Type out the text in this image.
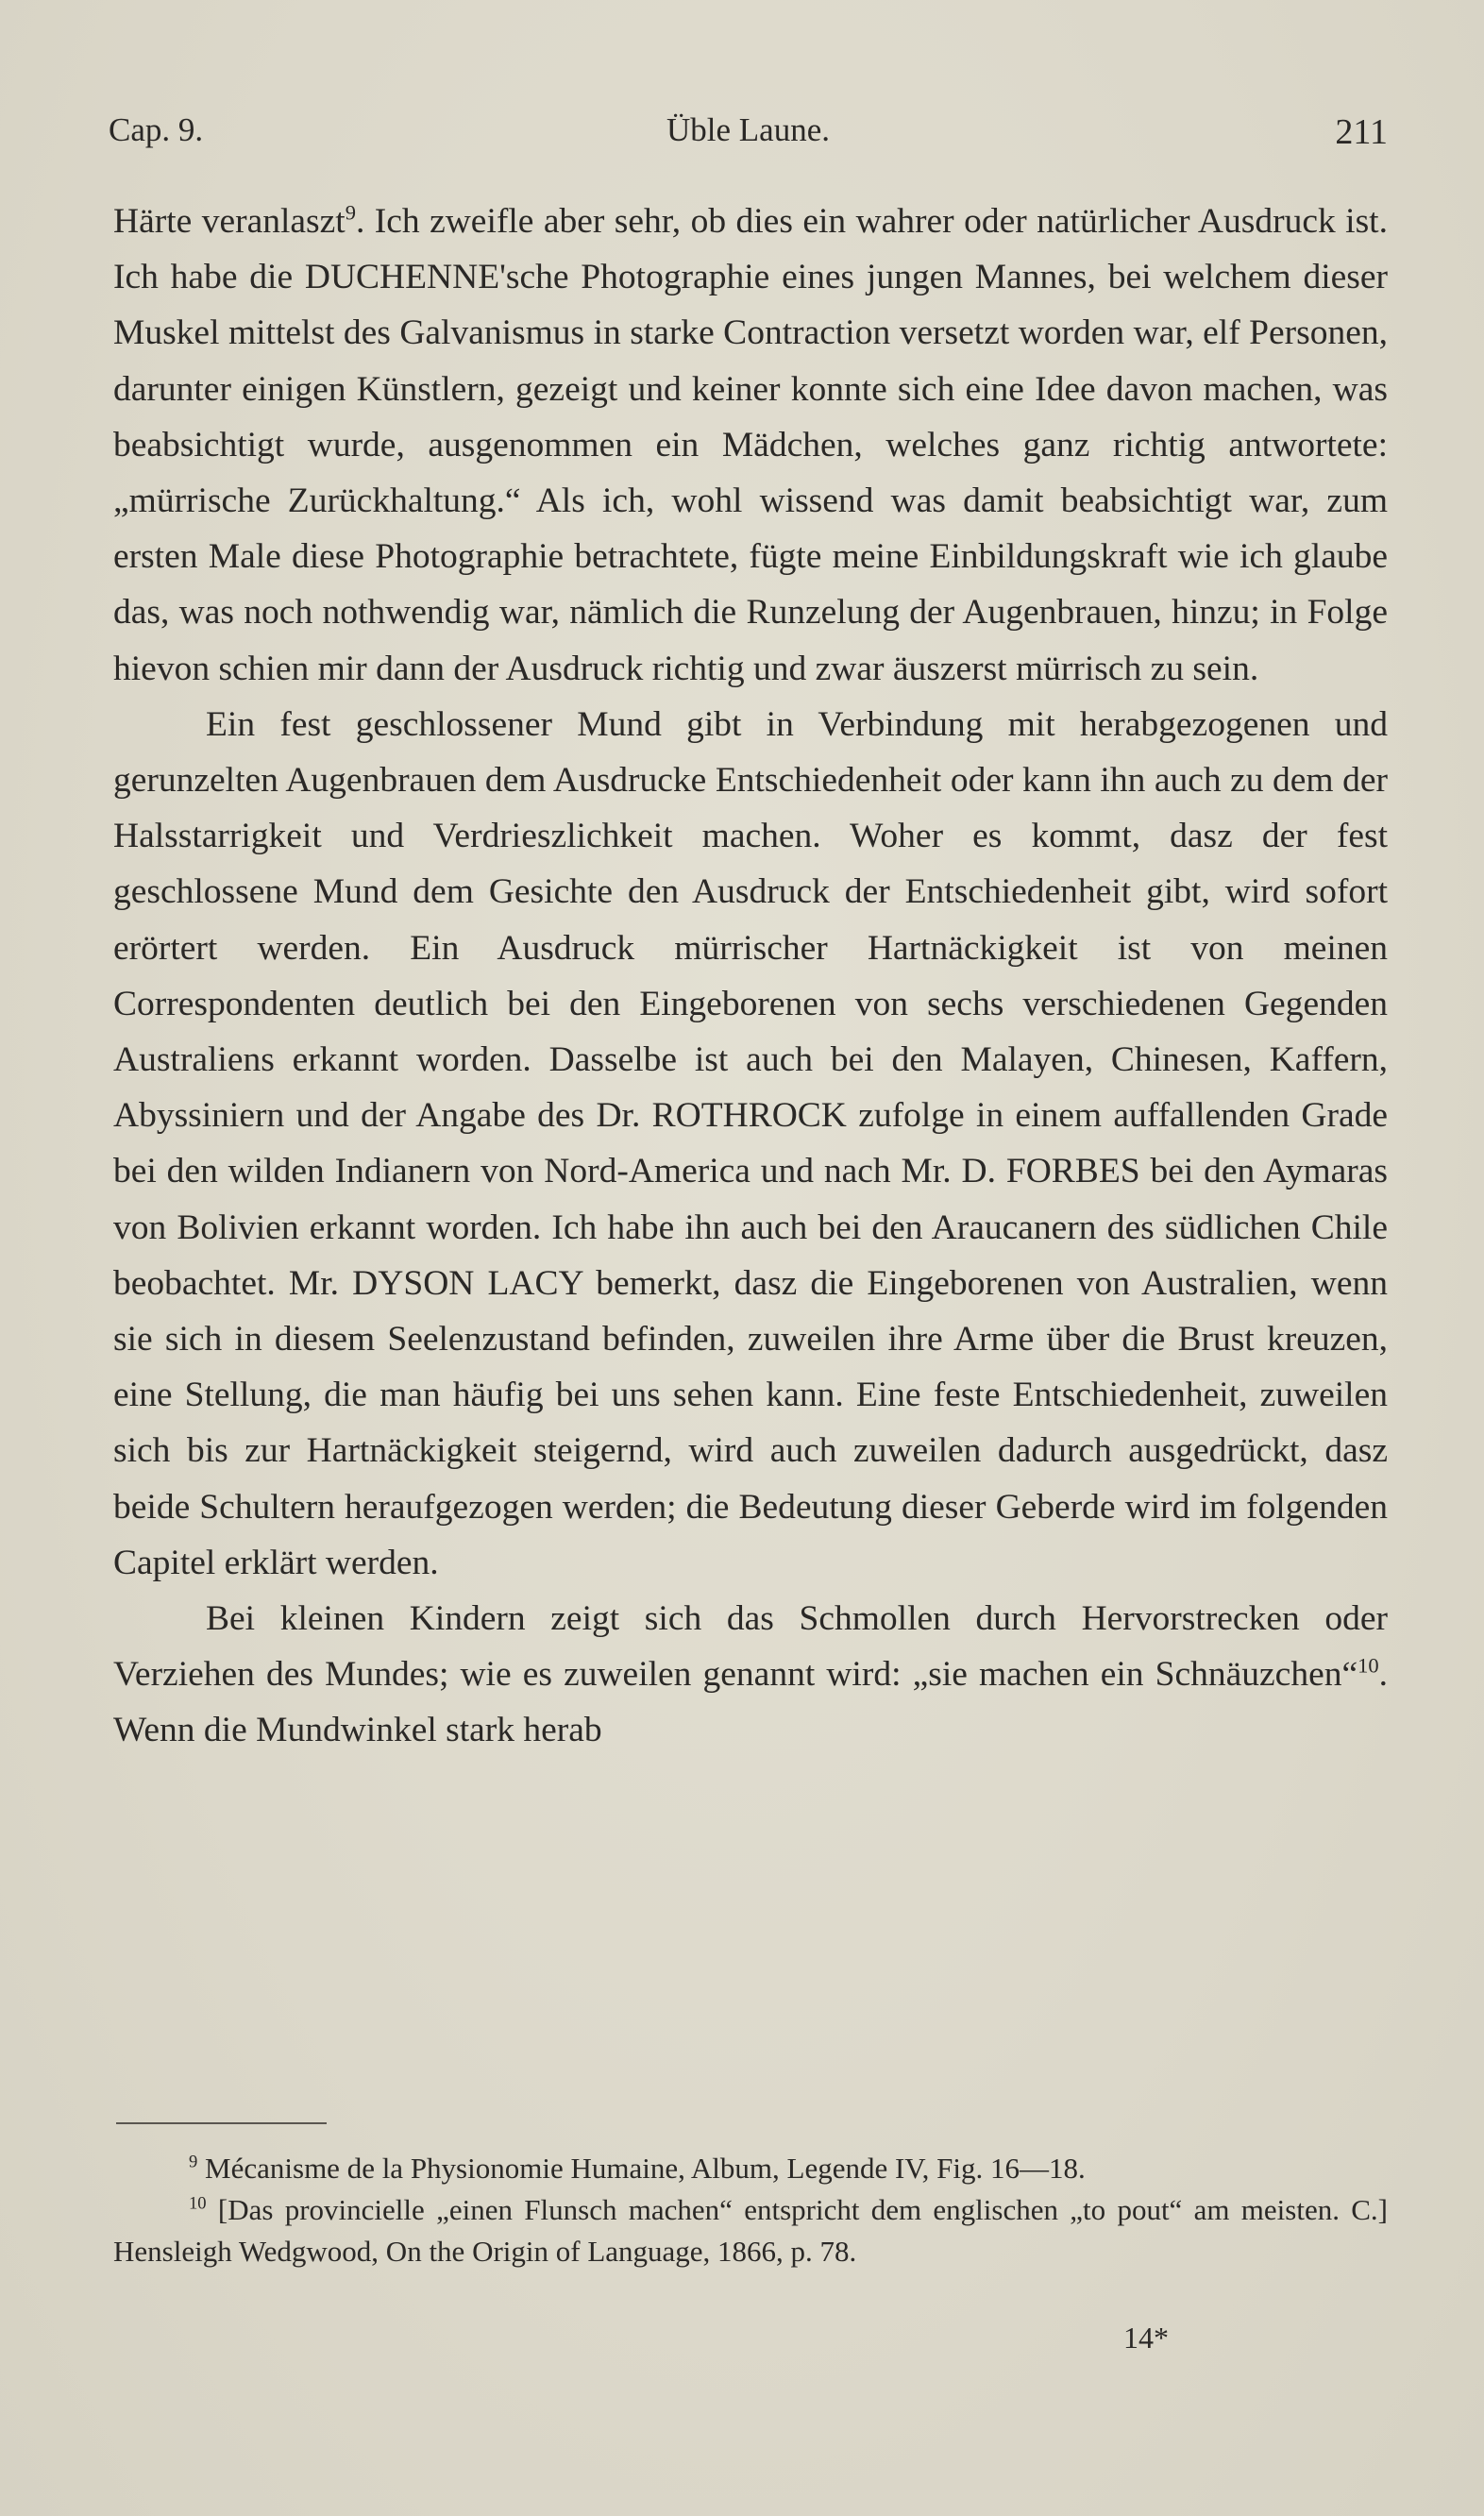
Cap. 9.	Üble Laune.	211

Härte veranlaszt$^9$. Ich zweifle aber sehr, ob dies ein wahrer oder natürlicher Ausdruck ist. Ich habe die DUCHENNE'sche Photographie eines jungen Mannes, bei welchem dieser Muskel mittelst des Galvanismus in starke Contraction versetzt worden war, elf Personen, darunter einigen Künstlern, gezeigt und keiner konnte sich eine Idee davon machen, was beabsichtigt wurde, ausgenommen ein Mädchen, welches ganz richtig antwortete: „mürrische Zurückhaltung.“ Als ich, wohl wissend was damit beabsichtigt war, zum ersten Male diese Photographie betrachtete, fügte meine Einbildungskraft wie ich glaube das, was noch nothwendig war, nämlich die Runzelung der Augenbrauen, hinzu; in Folge hievon schien mir dann der Ausdruck richtig und zwar äuszerst mürrisch zu sein.

Ein fest geschlossener Mund gibt in Verbindung mit herabgezogenen und gerunzelten Augenbrauen dem Ausdrucke Entschiedenheit oder kann ihn auch zu dem der Halsstarrigkeit und Verdrieszlichkeit machen. Woher es kommt, dasz der fest geschlossene Mund dem Gesichte den Ausdruck der Entschiedenheit gibt, wird sofort erörtert werden. Ein Ausdruck mürrischer Hartnäckigkeit ist von meinen Correspondenten deutlich bei den Eingeborenen von sechs verschiedenen Gegenden Australiens erkannt worden. Dasselbe ist auch bei den Malayen, Chinesen, Kaffern, Abyssiniern und der Angabe des Dr. ROTHROCK zufolge in einem auffallenden Grade bei den wilden Indianern von Nord-America und nach Mr. D. FORBES bei den Aymaras von Bolivien erkannt worden. Ich habe ihn auch bei den Araucanern des südlichen Chile beobachtet. Mr. DYSON LACY bemerkt, dasz die Eingeborenen von Australien, wenn sie sich in diesem Seelenzustand befinden, zuweilen ihre Arme über die Brust kreuzen, eine Stellung, die man häufig bei uns sehen kann. Eine feste Entschiedenheit, zuweilen sich bis zur Hartnäckigkeit steigernd, wird auch zuweilen dadurch ausgedrückt, dasz beide Schultern heraufgezogen werden; die Bedeutung dieser Geberde wird im folgenden Capitel erklärt werden.

Bei kleinen Kindern zeigt sich das Schmollen durch Hervorstrecken oder Verziehen des Mundes; wie es zuweilen genannt wird: „sie machen ein Schnäuzchen“$^{10}$. Wenn die Mundwinkel stark herab

$^9$ Mécanisme de la Physionomie Humaine, Album, Legende IV, Fig. 16—18.

$^{10}$ [Das provincielle „einen Flunsch machen“ entspricht dem englischen „to pout“ am meisten. C.] Hensleigh Wedgwood, On the Origin of Language, 1866, p. 78.

14*
